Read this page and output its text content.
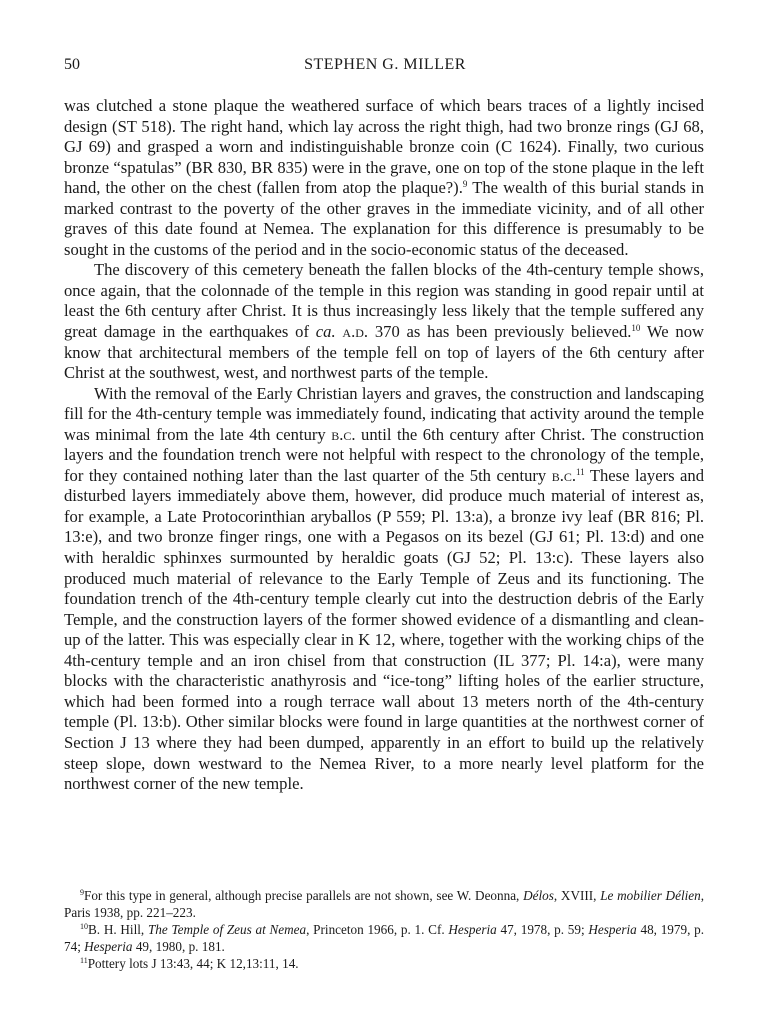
50	STEPHEN G. MILLER

was clutched a stone plaque the weathered surface of which bears traces of a lightly incised design (ST 518). The right hand, which lay across the right thigh, had two bronze rings (GJ 68, GJ 69) and grasped a worn and indistinguishable bronze coin (C 1624). Finally, two curious bronze “spatulas” (BR 830, BR 835) were in the grave, one on top of the stone plaque in the left hand, the other on the chest (fallen from atop the plaque?).$^9$ The wealth of this burial stands in marked contrast to the poverty of the other graves in the immediate vicinity, and of all other graves of this date found at Nemea. The explanation for this difference is presumably to be sought in the customs of the period and in the socio-economic status of the deceased.

The discovery of this cemetery beneath the fallen blocks of the 4th-century temple shows, once again, that the colonnade of the temple in this region was standing in good repair until at least the 6th century after Christ. It is thus increasingly less likely that the temple suffered any great damage in the earthquakes of ca. a.d. 370 as has been previously believed.$^{10}$ We now know that architectural members of the temple fell on top of layers of the 6th century after Christ at the southwest, west, and northwest parts of the temple.

With the removal of the Early Christian layers and graves, the construction and landscaping fill for the 4th-century temple was immediately found, indicating that activity around the temple was minimal from the late 4th century b.c. until the 6th century after Christ. The construction layers and the foundation trench were not helpful with respect to the chronology of the temple, for they contained nothing later than the last quarter of the 5th century b.c.$^{11}$ These layers and disturbed layers immediately above them, however, did produce much material of interest as, for example, a Late Protocorinthian aryballos (P 559; Pl. 13:a), a bronze ivy leaf (BR 816; Pl. 13:e), and two bronze finger rings, one with a Pegasos on its bezel (GJ 61; Pl. 13:d) and one with heraldic sphinxes surmounted by heraldic goats (GJ 52; Pl. 13:c). These layers also produced much material of relevance to the Early Temple of Zeus and its functioning. The foundation trench of the 4th-century temple clearly cut into the destruction debris of the Early Temple, and the construction layers of the former showed evidence of a dismantling and clean-up of the latter. This was especially clear in K 12, where, together with the working chips of the 4th-century temple and an iron chisel from that construction (IL 377; Pl. 14:a), were many blocks with the characteristic anathyrosis and “ice-tong” lifting holes of the earlier structure, which had been formed into a rough terrace wall about 13 meters north of the 4th-century temple (Pl. 13:b). Other similar blocks were found in large quantities at the northwest corner of Section J 13 where they had been dumped, apparently in an effort to build up the relatively steep slope, down westward to the Nemea River, to a more nearly level platform for the northwest corner of the new temple.

$^9$For this type in general, although precise parallels are not shown, see W. Deonna, Délos, XVIII, Le mobilier Délien, Paris 1938, pp. 221–223.

$^{10}$B. H. Hill, The Temple of Zeus at Nemea, Princeton 1966, p. 1. Cf. Hesperia 47, 1978, p. 59; Hesperia 48, 1979, p. 74; Hesperia 49, 1980, p. 181.

$^{11}$Pottery lots J 13:43, 44; K 12,13:11, 14.
